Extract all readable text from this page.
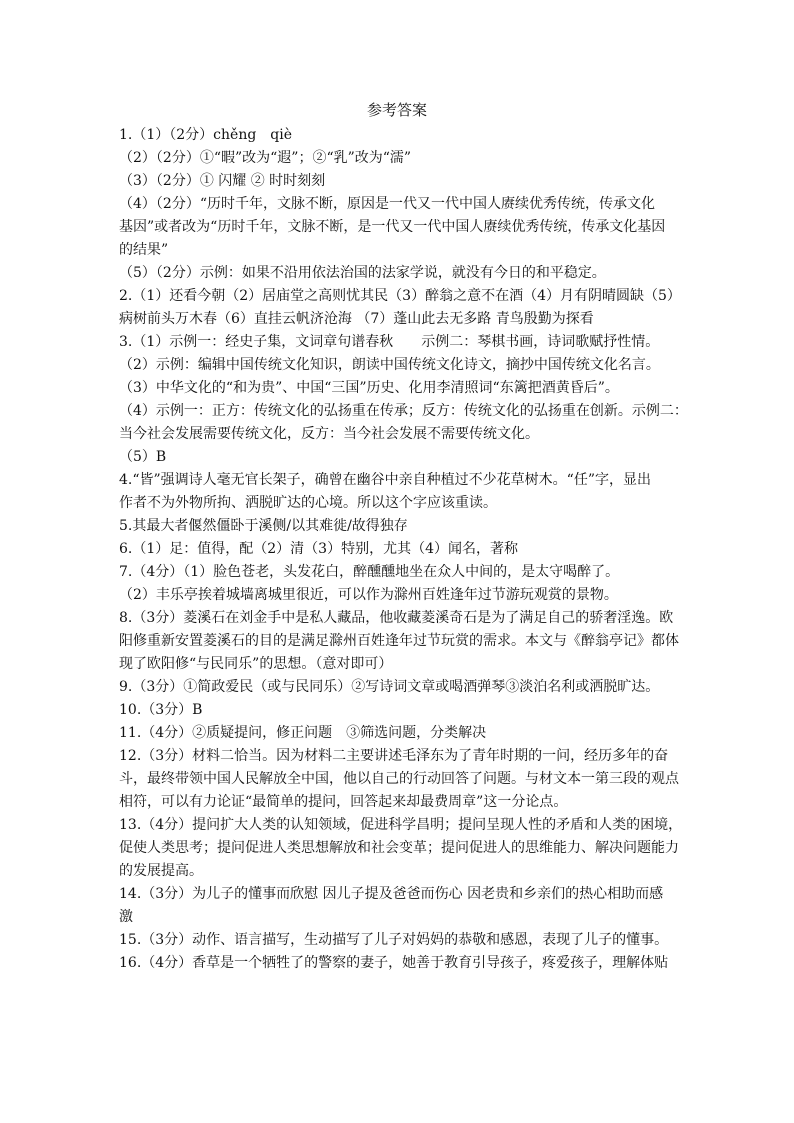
参考答案
1.（1）（2分）chěng　qiè
（2）（2分）①“暇”改为“遐”；②“乳”改为“濡”
（3）（2分）① 闪耀 ② 时时刻刻
（4）（2分）“历时千年，文脉不断，原因是一代又一代中国人赓续优秀传统，传承文化
基因”或者改为“历时千年，文脉不断，是一代又一代中国人赓续优秀传统，传承文化基因
的结果”
（5）（2分）示例：如果不沿用依法治国的法家学说，就没有今日的和平稳定。
2.（1）还看今朝（2）居庙堂之高则忧其民（3）醉翁之意不在酒（4）月有阴晴圆缺（5）
病树前头万木春（6）直挂云帆济沧海 （7）蓬山此去无多路 青鸟殷勤为探看
3.（1）示例一：经史子集，文词章句谱春秋　　示例二：琴棋书画，诗词歌赋抒性情。
（2）示例：编辑中国传统文化知识，朗读中国传统文化诗文，摘抄中国传统文化名言。
（3）中华文化的“和为贵”、中国“三国”历史、化用李清照词“东篱把酒黄昏后”。
（4）示例一：正方：传统文化的弘扬重在传承；反方：传统文化的弘扬重在创新。示例二：
当今社会发展需要传统文化，反方：当今社会发展不需要传统文化。
（5）B
4.“皆”强调诗人毫无官长架子，确曾在幽谷中亲自种植过不少花草树木。“任”字，显出
作者不为外物所拘、洒脱旷达的心境。所以这个字应该重读。
5.其最大者偃然僵卧于溪侧/以其难徙/故得独存
6.（1）足：值得，配（2）清（3）特别，尤其（4）闻名，著称
7.（4分）（1）脸色苍老，头发花白，醉醺醺地坐在众人中间的，是太守喝醉了。
（2）丰乐亭挨着城墙离城里很近，可以作为滁州百姓逢年过节游玩观赏的景物。
8.（3分）菱溪石在刘金手中是私人藏品，他收藏菱溪奇石是为了满足自己的骄奢淫逸。欧
阳修重新安置菱溪石的目的是满足滁州百姓逢年过节玩赏的需求。本文与《醉翁亭记》都体
现了欧阳修“与民同乐”的思想。（意对即可）
9.（3分）①简政爱民（或与民同乐）②写诗词文章或喝酒弹琴③淡泊名利或洒脱旷达。
10.（3分）B
11.（4分）②质疑提问，修正问题　③筛选问题，分类解决
12.（3分）材料二恰当。因为材料二主要讲述毛泽东为了青年时期的一问，经历多年的奋
斗，最终带领中国人民解放全中国，他以自己的行动回答了问题。与材文本一第三段的观点
相符，可以有力论证“最简单的提问，回答起来却最费周章”这一分论点。
13.（4分）提问扩大人类的认知领域，促进科学昌明；提问呈现人性的矛盾和人类的困境，
促使人类思考；提问促进人类思想解放和社会变革；提问促进人的思维能力、解决问题能力
的发展提高。
14.（3分）为儿子的懂事而欣慰 因儿子提及爸爸而伤心 因老贵和乡亲们的热心相助而感
激
15.（3分）动作、语言描写，生动描写了儿子对妈妈的恭敬和感恩，表现了儿子的懂事。
16.（4分）香草是一个牺牲了的警察的妻子，她善于教育引导孩子，疼爱孩子，理解体贴
